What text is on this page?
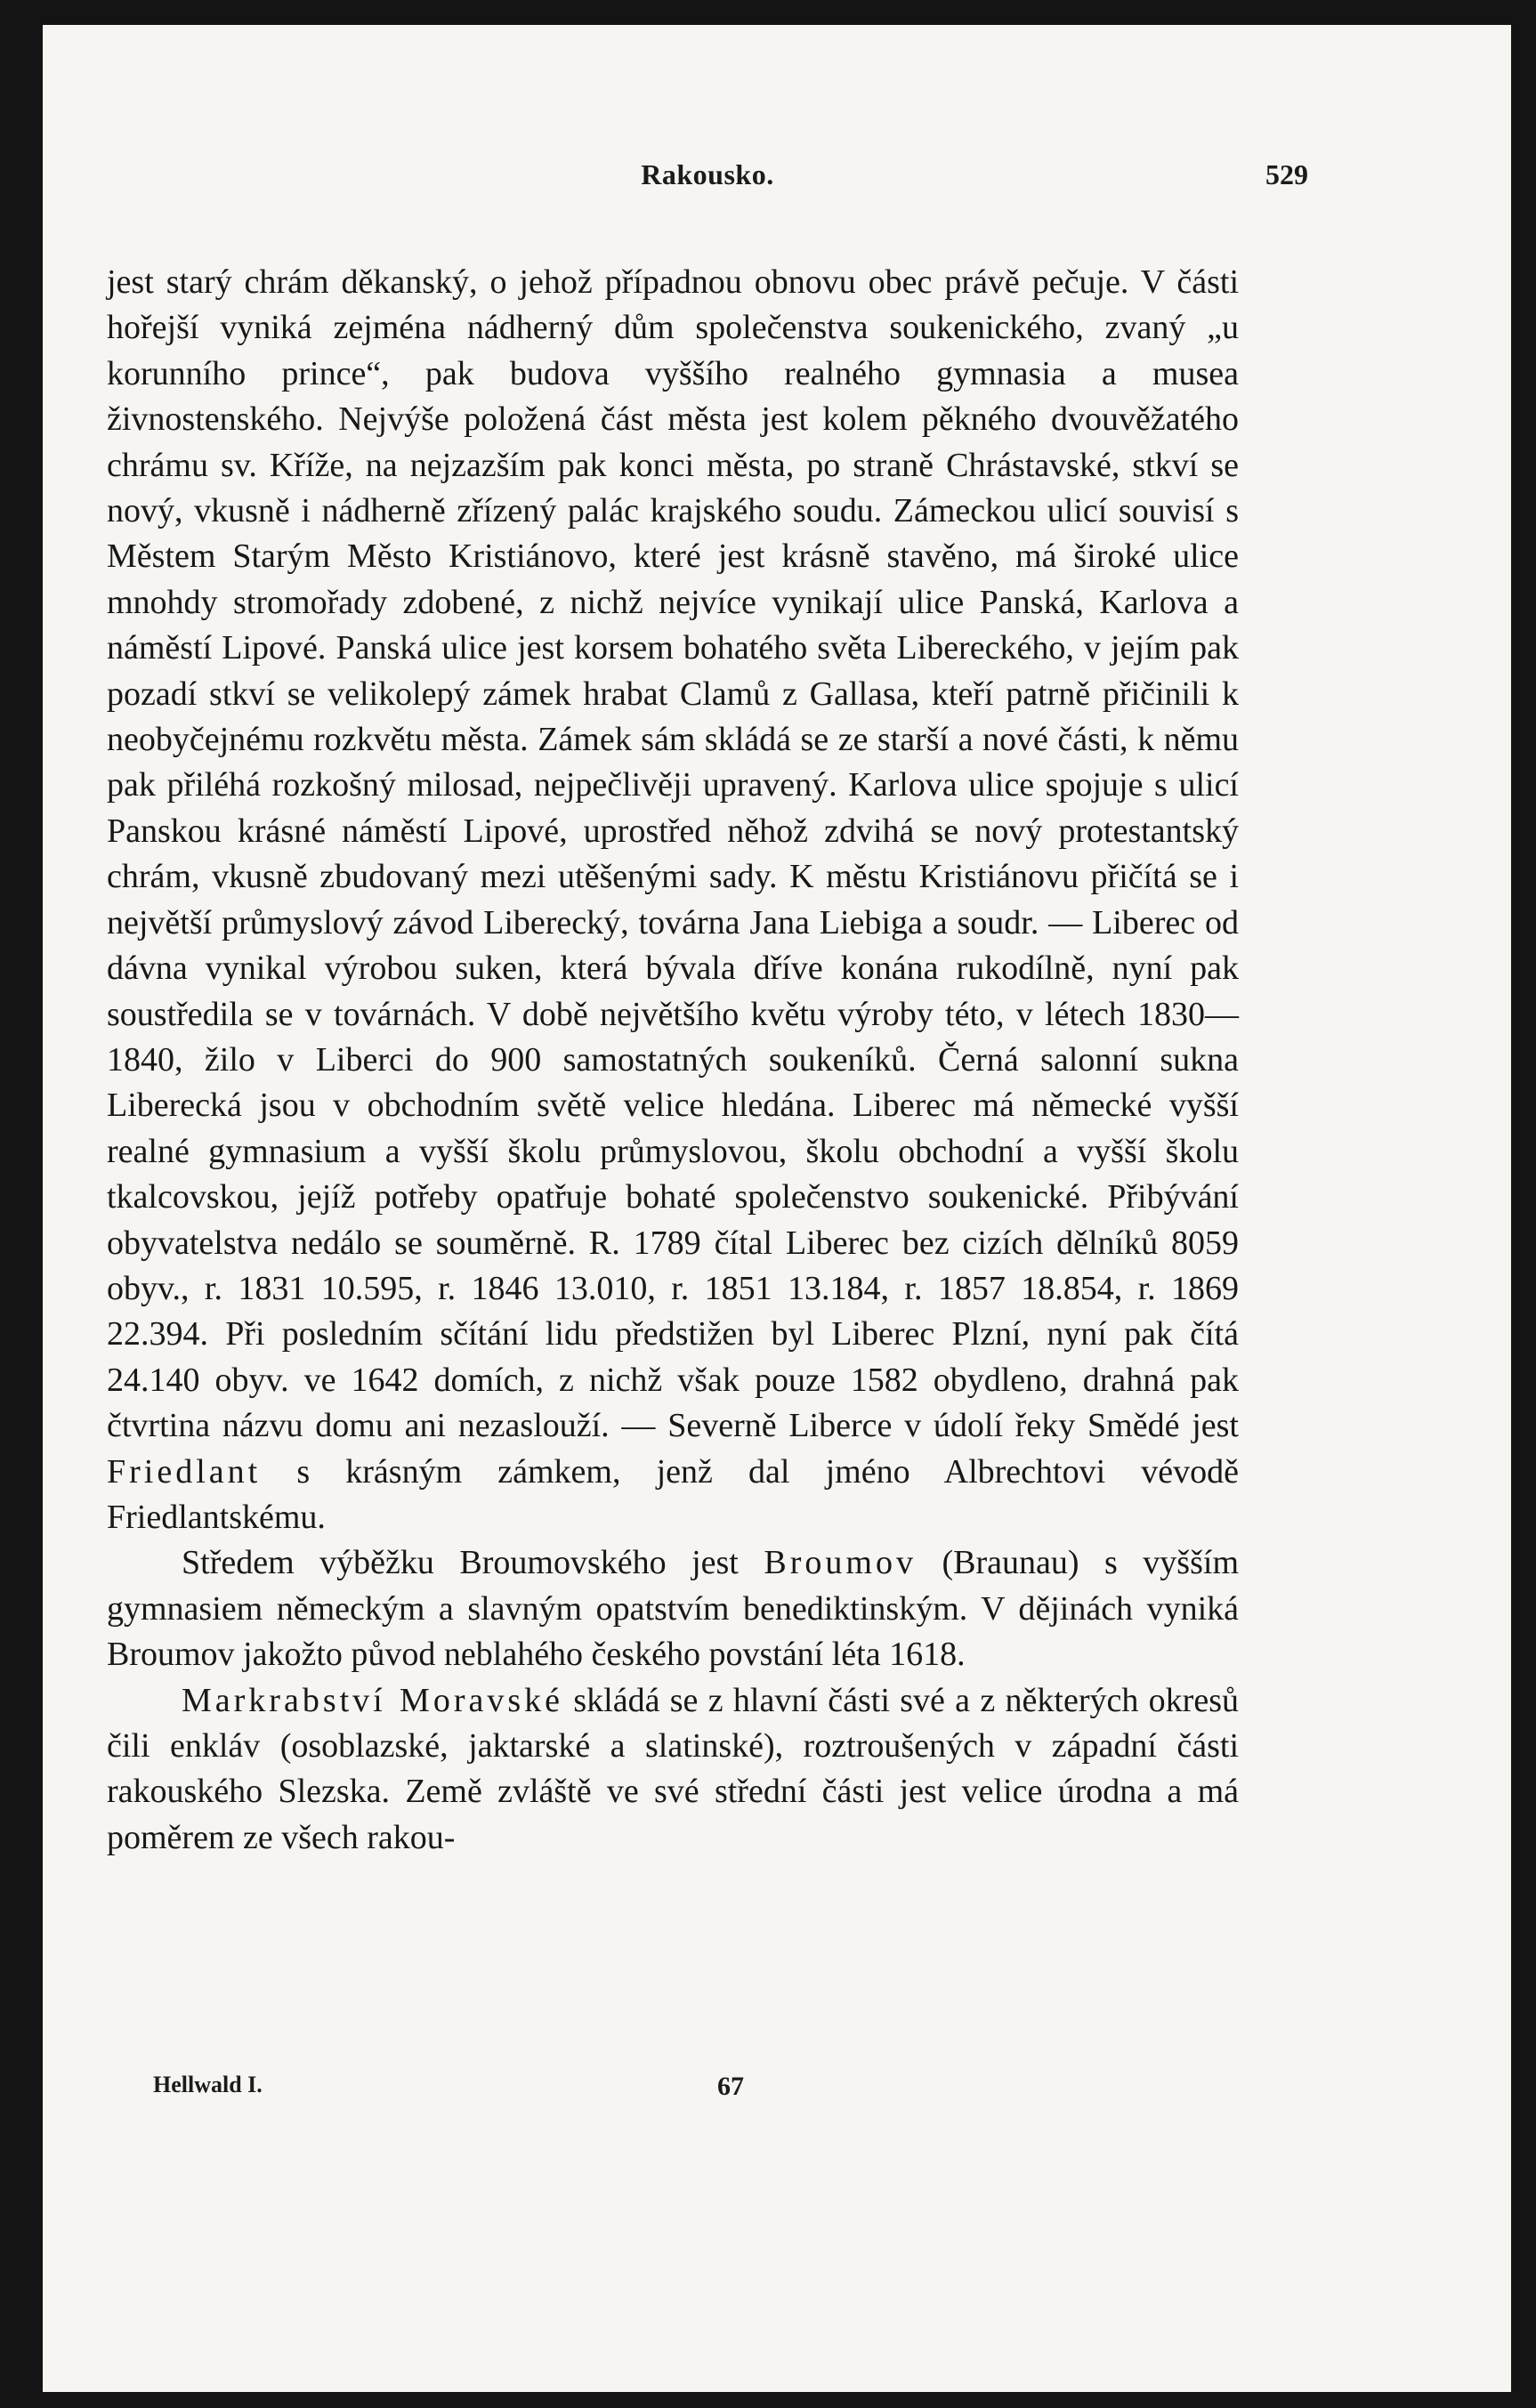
Rakousko.	529

jest starý chrám děkanský, o jehož případnou obnovu obec právě pečuje. V části hořejší vyniká zejména nádherný dům společenstva soukenického, zvaný „u korunního prince“, pak budova vyššího realného gymnasia a musea živnostenského. Nejvýše položená část města jest kolem pěkného dvouvěžatého chrámu sv. Kříže, na nejzazším pak konci města, po straně Chrástavské, stkví se nový, vkusně i nádherně zřízený palác krajského soudu. Zámeckou ulicí souvisí s Městem Starým Město Kristiánovo, které jest krásně stavěno, má široké ulice mnohdy stromořady zdobené, z nichž nejvíce vynikají ulice Panská, Karlova a náměstí Lipové. Panská ulice jest korsem bohatého světa Libereckého, v jejím pak pozadí stkví se velikolepý zámek hrabat Clamů z Gallasa, kteří patrně přičinili k neobyčejnému rozkvětu města. Zámek sám skládá se ze starší a nové části, k němu pak přiléhá rozkošný milosad, nejpečlivěji upravený. Karlova ulice spojuje s ulicí Panskou krásné náměstí Lipové, uprostřed něhož zdvihá se nový protestantský chrám, vkusně zbudovaný mezi utěšenými sady. K městu Kristiánovu přičítá se i největší průmyslový závod Liberecký, továrna Jana Liebiga a soudr. — Liberec od dávna vynikal výrobou suken, která bývala dříve konána rukodílně, nyní pak soustředila se v továrnách. V době největšího květu výroby této, v létech 1830—1840, žilo v Liberci do 900 samostatných soukeníků. Černá salonní sukna Liberecká jsou v obchodním světě velice hledána. Liberec má německé vyšší realné gymnasium a vyšší školu průmyslovou, školu obchodní a vyšší školu tkalcovskou, jejíž potřeby opatřuje bohaté společenstvo soukenické. Přibývání obyvatelstva nedálo se souměrně. R. 1789 čítal Liberec bez cizích dělníků 8059 obyv., r. 1831 10.595, r. 1846 13.010, r. 1851 13.184, r. 1857 18.854, r. 1869 22.394. Při posledním sčítání lidu předstižen byl Liberec Plzní, nyní pak čítá 24.140 obyv. ve 1642 domích, z nichž však pouze 1582 obydleno, drahná pak čtvrtina názvu domu ani nezaslouží. — Severně Liberce v údolí řeky Smědé jest Friedlant s krásným zámkem, jenž dal jméno Albrechtovi vévodě Friedlantskému.

Středem výběžku Broumovského jest Broumov (Braunau) s vyšším gymnasiem německým a slavným opatstvím benediktinským. V dějinách vyniká Broumov jakožto původ neblahého českého povstání léta 1618.

Markrabství Moravské skládá se z hlavní části své a z některých okresů čili enkláv (osoblazské, jaktarské a slatinské), roztroušených v západní části rakouského Slezska. Země zvláště ve své střední části jest velice úrodna a má poměrem ze všech rakou-

Hellwald I.	67
